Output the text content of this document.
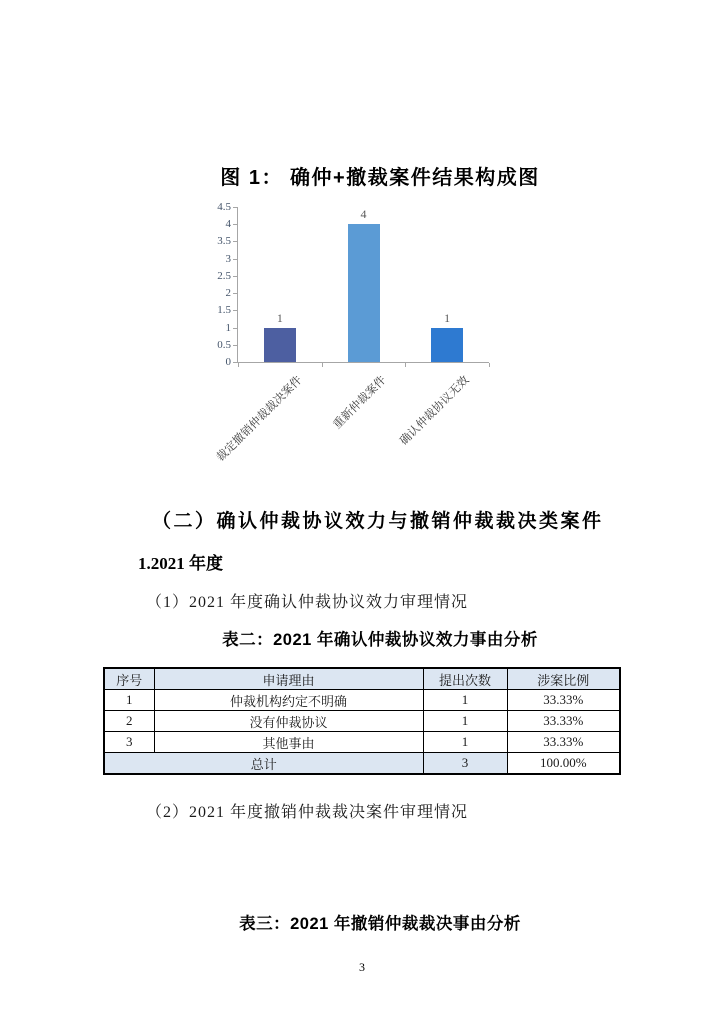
图 1： 确仲+撤裁案件结果构成图
0
0.5
1
1.5
2
2.5
3
3.5
4
4.5
1
裁定撤销仲裁裁决案件
4
重新仲裁案件
1
确认仲裁协议无效
（二）确认仲裁协议效力与撤销仲裁裁决类案件
1.2021 年度
（1）2021 年度确认仲裁协议效力审理情况
表二：2021 年确认仲裁协议效力事由分析
序号	申请理由	提出次数	涉案比例
1	仲裁机构约定不明确	1	33.33%
2	没有仲裁协议	1	33.33%
3	其他事由	1	33.33%
总计		3	100.00%
（2）2021 年度撤销仲裁裁决案件审理情况
表三：2021 年撤销仲裁裁决事由分析
3
